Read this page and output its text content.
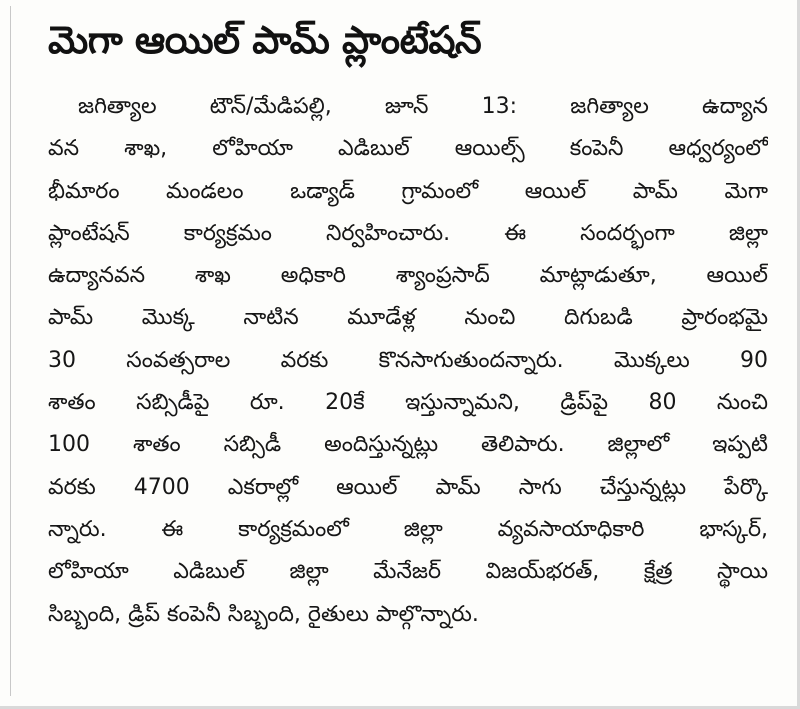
మెగా ఆయిల్ పామ్ ప్లాంటేషన్
జగిత్యాల టౌన్/మేడిపల్లి, జూన్ 13: జగిత్యాల ఉద్యాన
వన శాఖ, లోహియా ఎడిబుల్ ఆయిల్స్ కంపెనీ ఆధ్వర్యంలో
భీమారం మండలం ఒడ్యాడ్ గ్రామంలో ఆయిల్ పామ్ మెగా
ప్లాంటేషన్ కార్యక్రమం నిర్వహించారు. ఈ సందర్భంగా జిల్లా
ఉద్యానవన శాఖ అధికారి శ్యాంప్రసాద్ మాట్లాడుతూ, ఆయిల్
పామ్ మొక్క నాటిన మూడేళ్ల నుంచి దిగుబడి ప్రారంభమై
30 సంవత్సరాల వరకు కొనసాగుతుందన్నారు. మొక్కలు 90
శాతం సబ్సిడీపై రూ. 20కే ఇస్తున్నామని, డ్రిప్‌పై 80 నుంచి
100 శాతం సబ్సిడీ అందిస్తున్నట్లు తెలిపారు. జిల్లాలో ఇప్పటి
వరకు 4700 ఎకరాల్లో ఆయిల్ పామ్ సాగు చేస్తున్నట్లు పేర్కొ
న్నారు. ఈ కార్యక్రమంలో జిల్లా వ్యవసాయాధికారి భాస్కర్,
లోహియా ఎడిబుల్ జిల్లా మేనేజర్ విజయ్‌భరత్, క్షేత్ర స్థాయి
సిబ్బంది, డ్రిప్ కంపెనీ సిబ్బంది, రైతులు పాల్గొన్నారు.
